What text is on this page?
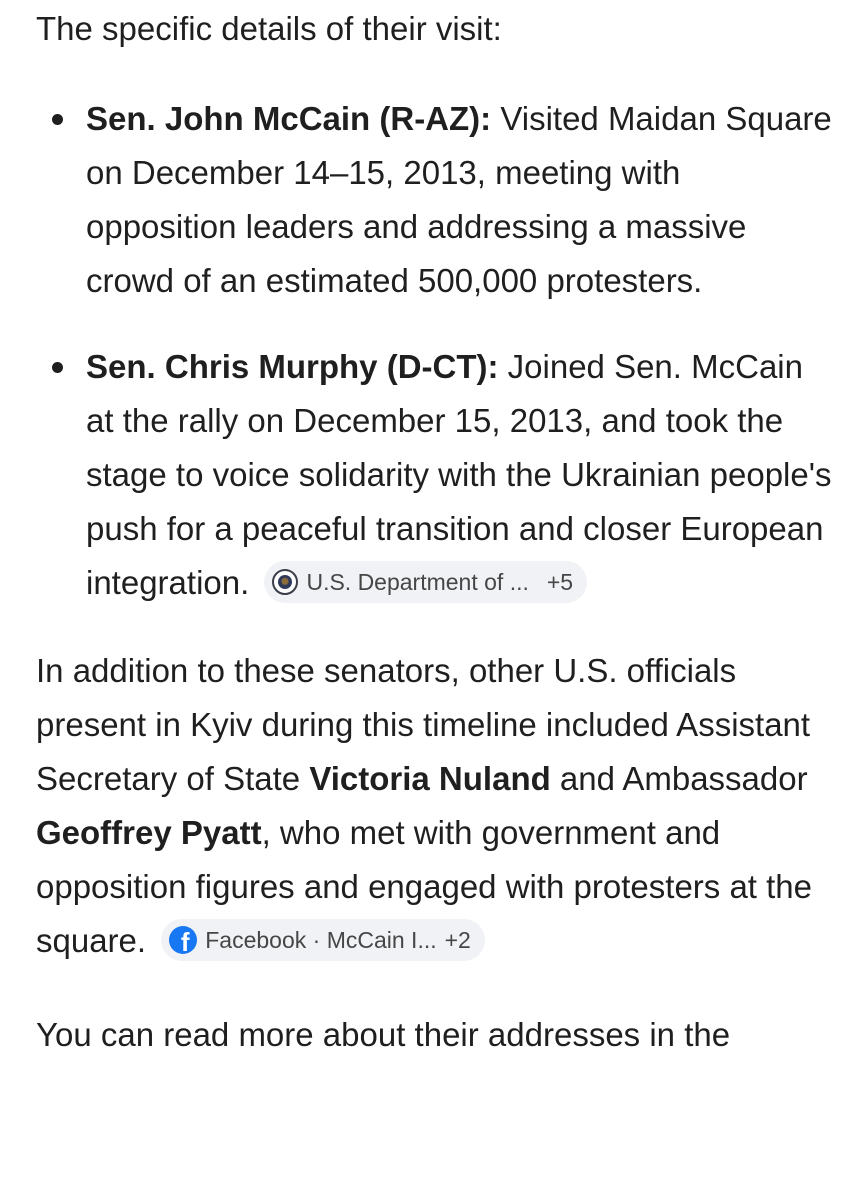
The specific details of their visit:

Sen. John McCain (R-AZ): Visited Maidan Square on December 14–15, 2013, meeting with opposition leaders and addressing a massive crowd of an estimated 500,000 protesters.
Sen. Chris Murphy (D-CT): Joined Sen. McCain at the rally on December 15, 2013, and took the stage to voice solidarity with the Ukrainian people's push for a peaceful transition and closer European integration. U.S. Department of ... +5

In addition to these senators, other U.S. officials present in Kyiv during this timeline included Assistant Secretary of State Victoria Nuland and Ambassador Geoffrey Pyatt, who met with government and opposition figures and engaged with protesters at the square. f Facebook · McCain I... +2

You can read more about their addresses in the
